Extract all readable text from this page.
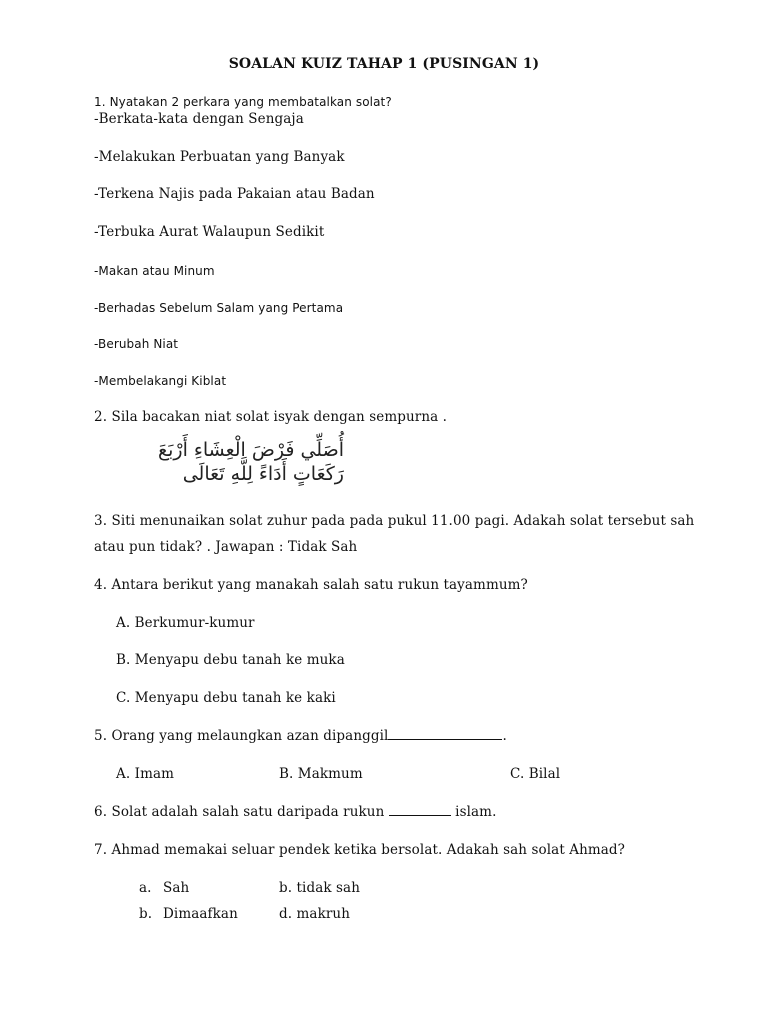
SOALAN KUIZ TAHAP 1 (PUSINGAN 1)
1. Nyatakan 2 perkara yang membatalkan solat?
-Berkata-kata dengan Sengaja
-Melakukan Perbuatan yang Banyak
-Terkena Najis pada Pakaian atau Badan
-Terbuka Aurat Walaupun Sedikit
-Makan atau Minum
-Berhadas Sebelum Salam yang Pertama
-Berubah Niat
-Membelakangi Kiblat
2. Sila bacakan niat solat isyak dengan sempurna .
أُصَلِّي فَرْضَ الْعِشَاءِ أَرْبَعَ
رَكَعَاتٍ أَدَاءً لِلَّهِ تَعَالَى
3. Siti menunaikan solat zuhur pada pada pukul 11.00 pagi. Adakah solat tersebut sah
atau pun tidak? . Jawapan : Tidak Sah
4. Antara berikut yang manakah salah satu rukun tayammum?
A. Berkumur-kumur
B. Menyapu debu tanah ke muka
C. Menyapu debu tanah ke kaki
5. Orang yang melaungkan azan dipanggil	.
A. Imam	B. Makmum	C. Bilal
6. Solat adalah salah satu daripada rukun	islam.
7. Ahmad memakai seluar pendek ketika bersolat. Adakah sah solat Ahmad?
a. Sah	b. tidak sah
b. Dimaafkan	d. makruh
